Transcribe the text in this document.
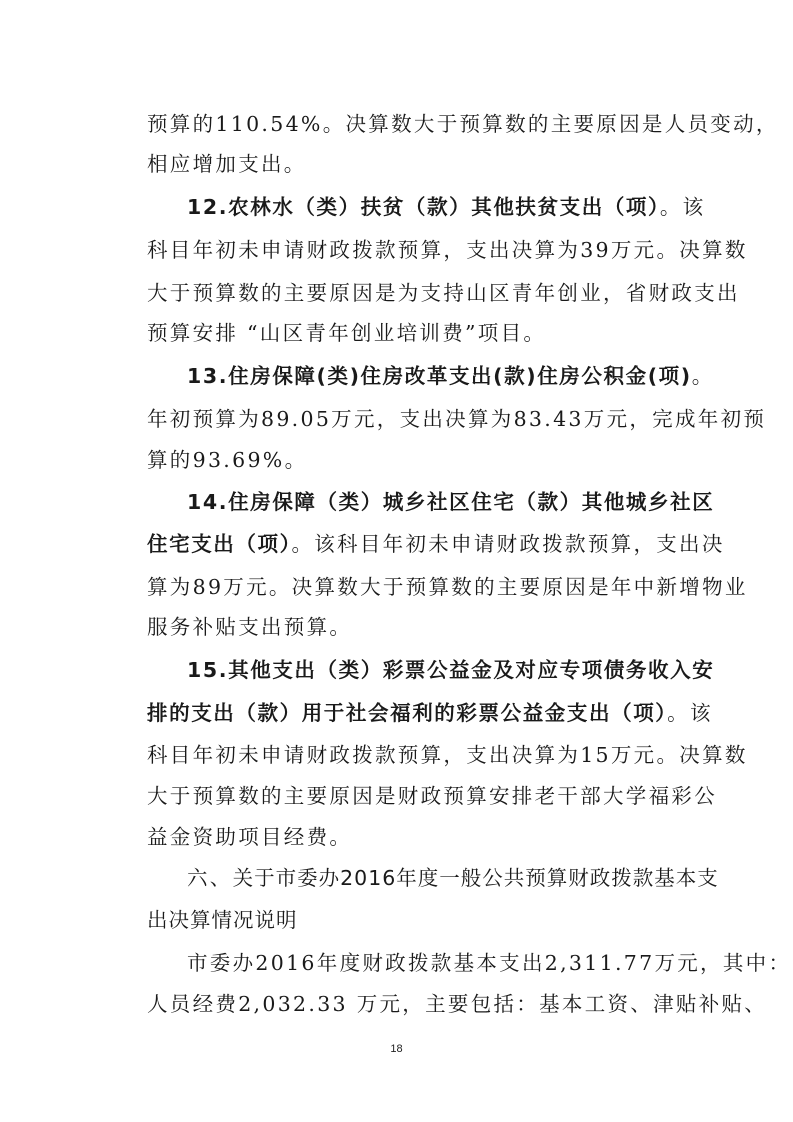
预算的110.54%。决算数大于预算数的主要原因是人员变动，
相应增加支出。
12.农林水（类）扶贫（款）其他扶贫支出（项）。该
科目年初未申请财政拨款预算，支出决算为39万元。决算数
大于预算数的主要原因是为支持山区青年创业，省财政支出
预算安排 “山区青年创业培训费”项目。
13.住房保障(类)住房改革支出(款)住房公积金(项)。
年初预算为89.05万元，支出决算为83.43万元，完成年初预
算的93.69%。
14.住房保障（类）城乡社区住宅（款）其他城乡社区
住宅支出（项）。该科目年初未申请财政拨款预算，支出决
算为89万元。决算数大于预算数的主要原因是年中新增物业
服务补贴支出预算。
15.其他支出（类）彩票公益金及对应专项债务收入安
排的支出（款）用于社会福利的彩票公益金支出（项）。该
科目年初未申请财政拨款预算，支出决算为15万元。决算数
大于预算数的主要原因是财政预算安排老干部大学福彩公
益金资助项目经费。
六、关于市委办2016年度一般公共预算财政拨款基本支
出决算情况说明
市委办2016年度财政拨款基本支出2,311.77万元，其中：
人员经费2,032.33 万元，主要包括：基本工资、津贴补贴、
18
